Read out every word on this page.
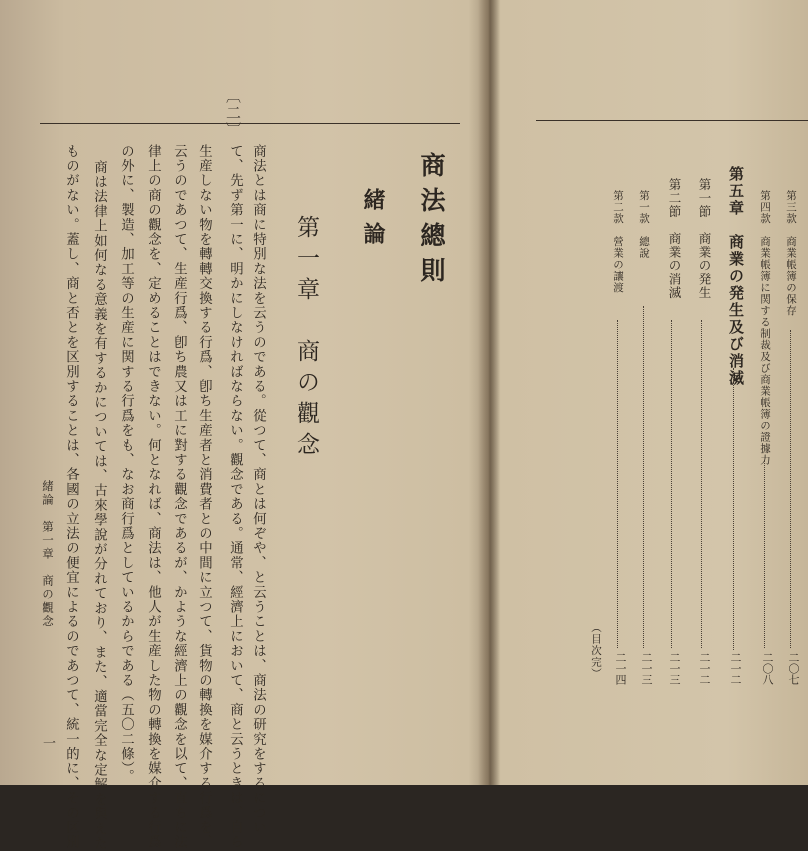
〔二〕
商法總則
緒論
第一章　商の觀念
商法とは商に特別な法を云うのである。從つて、商とは何ぞや、と云うことは、商法の研究をするについ
て、先ず第一に、明かにしなければならない。觀念である。通常、經濟上において、商と云うときは、自ら
生産しない物を轉轉交換する行爲、卽ち生産者と消費者との中間に立つて、貨物の轉換を媒介する行爲を、
云うのであつて、生産行爲、卽ち農又は工に對する觀念であるが、かような經濟上の觀念を以て、直ちに法
律上の商の觀念を、定めることはできない。何となれば、商法は、他人が生産した物の轉換を媒介する行爲
の外に、製造、加工等の生産に関する行爲をも、なお商行爲としているからである（五〇二條）。
商は法律上如何なる意義を有するかについては、古來學說が分れており、また、適當完全な定解を與えた
ものがない。蓋し、商と否とを区別することは、各國の立法の便宜によるのであつて、統一的に、その区別
緒論　第一章　商の觀念
一
第三款　商業帳簿の保存
二〇七
第四款　商業帳簿に関する制裁及び商業帳簿の證據力
二〇八
第五章　商業の発生及び消滅
二一二
第一節　商業の発生
二一二
第二節　商業の消滅
二一三
第一款　總說
二一三
第二款　營業の讓渡
二一四
（目次完）
